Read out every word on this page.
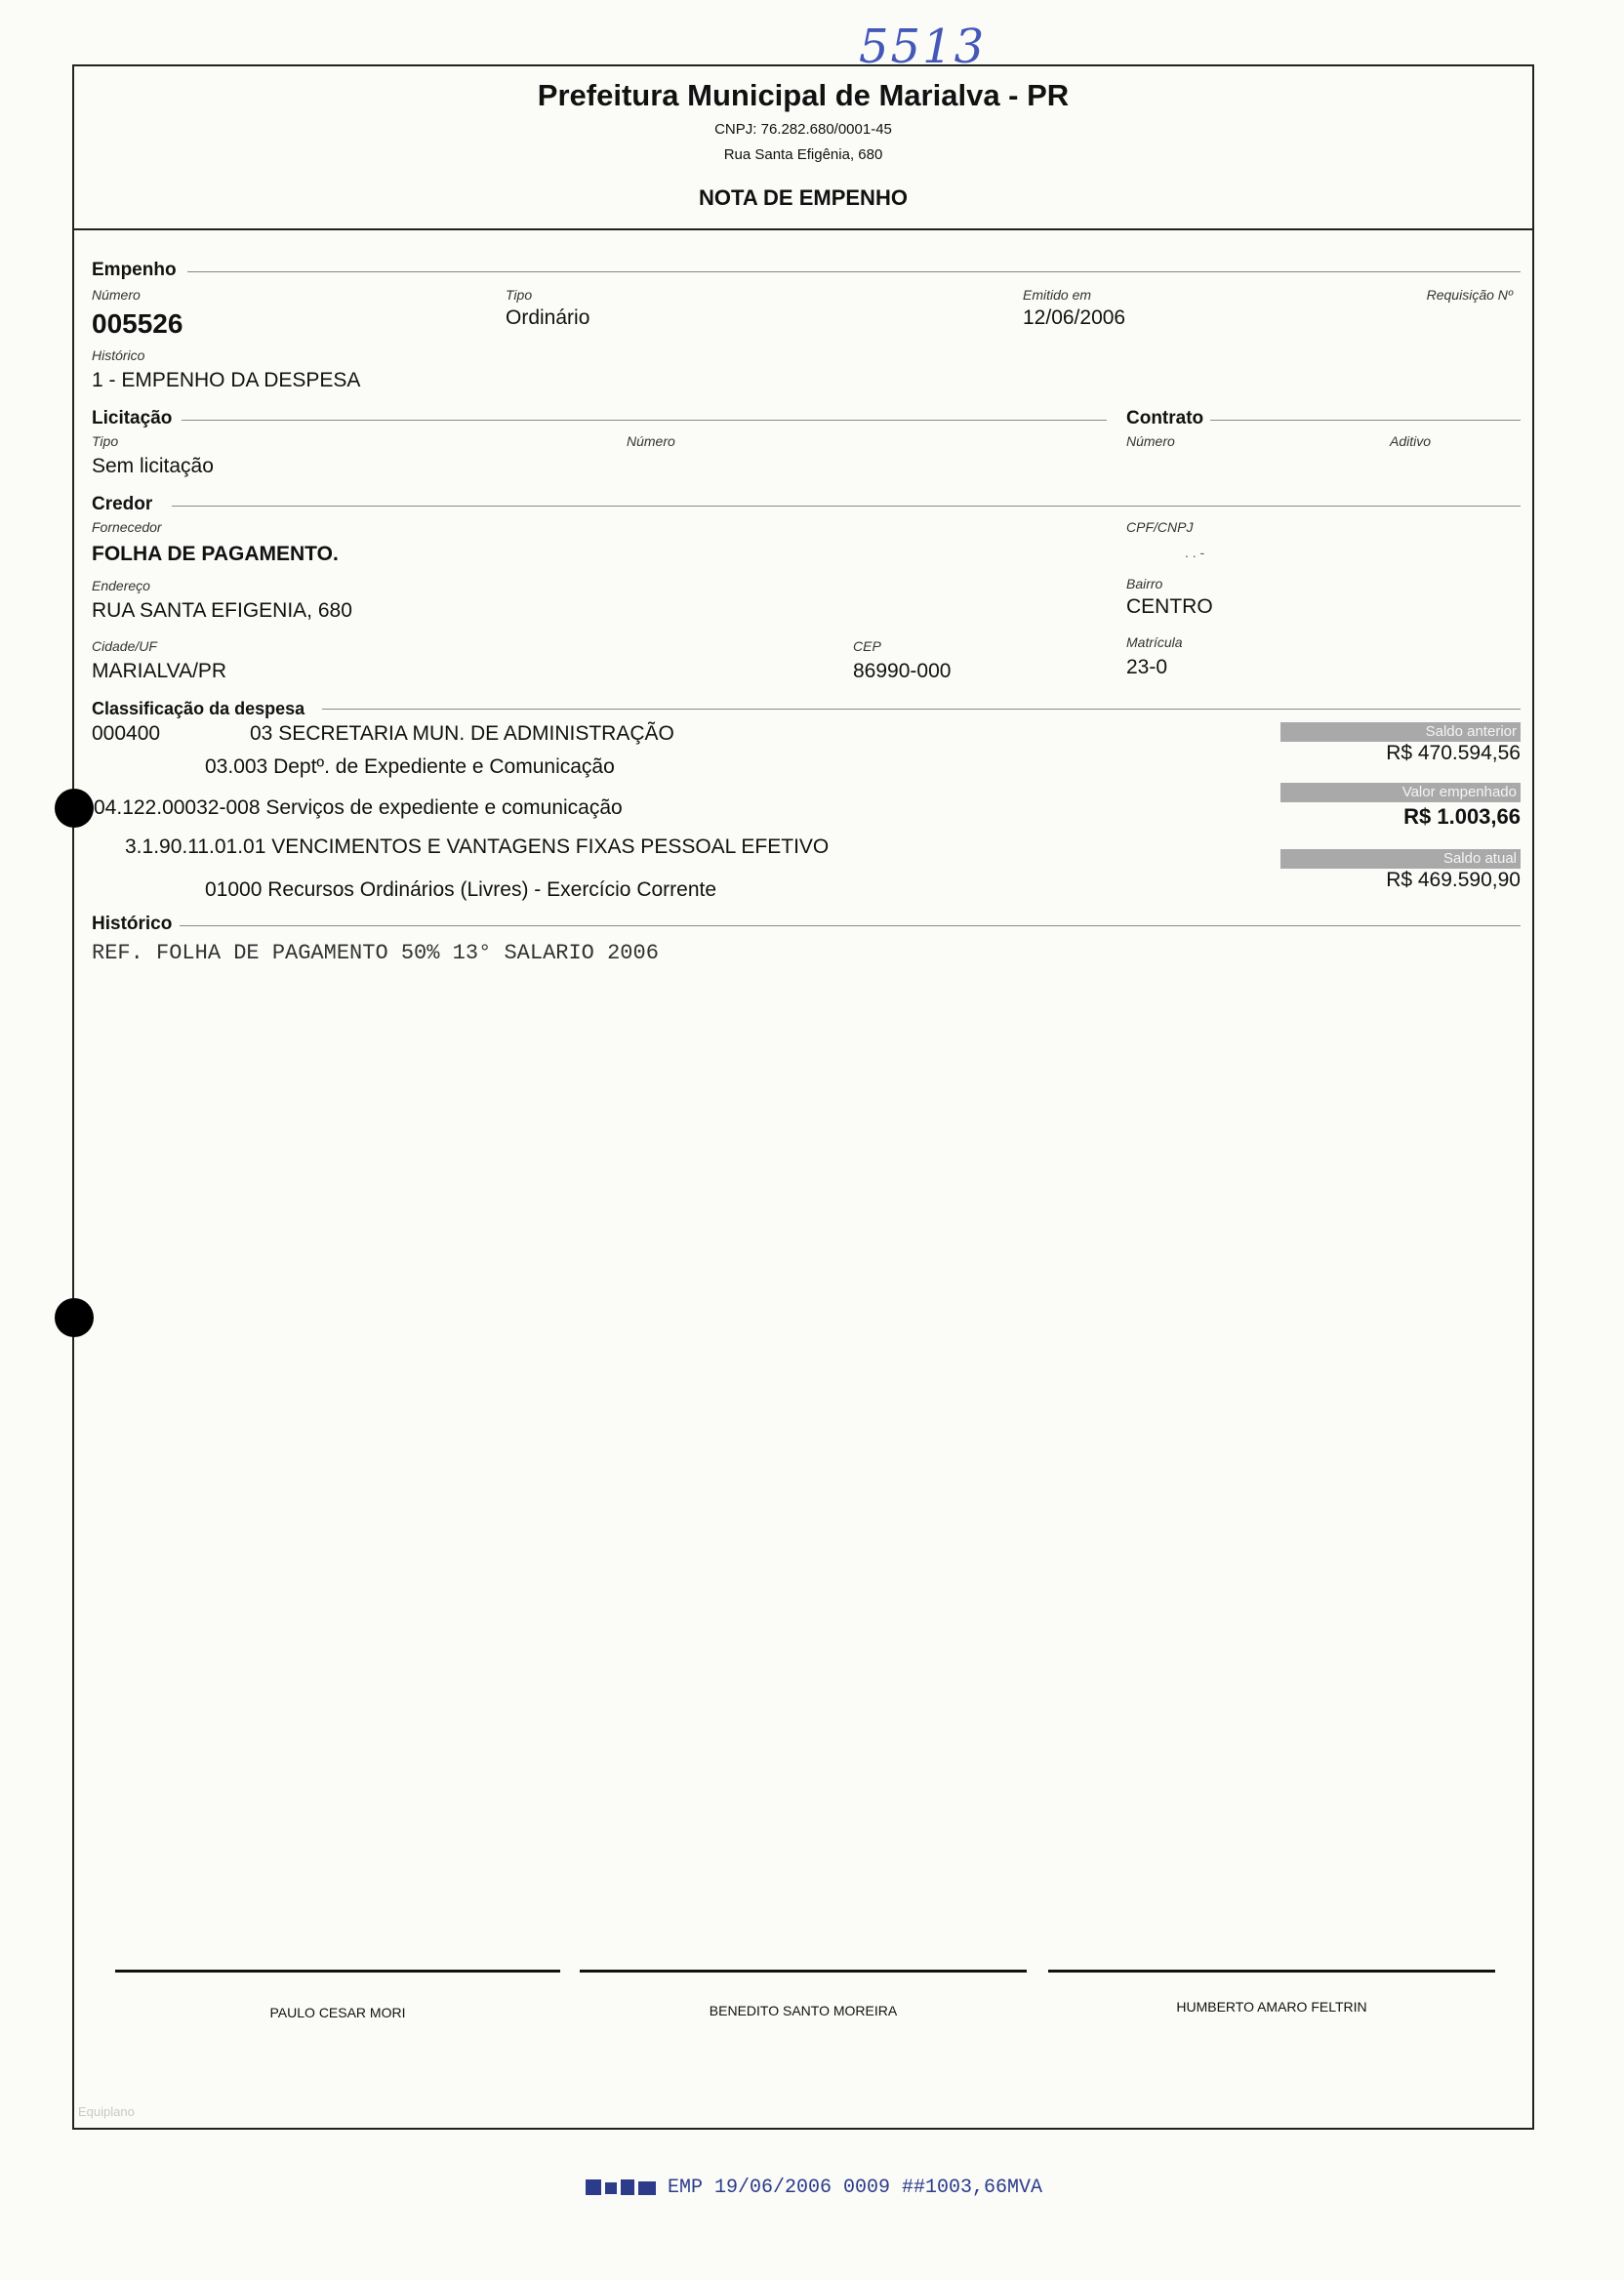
5513
Prefeitura Municipal de Marialva - PR
CNPJ: 76.282.680/0001-45
Rua Santa Efigênia, 680
NOTA DE EMPENHO
Empenho
Número
005526
Tipo
Ordinário
Emitido em
12/06/2006
Requisição Nº
Histórico
1 - EMPENHO DA DESPESA
Licitação	Contrato
Tipo
Sem licitação
Número	Número	Aditivo
Credor
Fornecedor
FOLHA DE PAGAMENTO.
CPF/CNPJ
. . -
Endereço
RUA SANTA EFIGENIA, 680
Bairro
CENTRO
Cidade/UF
MARIALVA/PR
CEP
86990-000
Matrícula
23-0
Classificação da despesa
000400	03 SECRETARIA MUN. DE ADMINISTRAÇÃO
03.003 Deptº. de Expediente e Comunicação
04.122.00032-008 Serviços de expediente e comunicação
3.1.90.11.01.01 VENCIMENTOS E VANTAGENS FIXAS PESSOAL EFETIVO
01000 Recursos Ordinários (Livres) - Exercício Corrente
Saldo anterior
R$ 470.594,56
Valor empenhado
R$ 1.003,66
Saldo atual
R$ 469.590,90
Histórico
REF. FOLHA DE PAGAMENTO 50% 13° SALARIO 2006
PAULO CESAR MORI	BENEDITO SANTO MOREIRA	HUMBERTO AMARO FELTRIN
Equiplano
EMP 19/06/2006 0009 ##1003,66MVA
